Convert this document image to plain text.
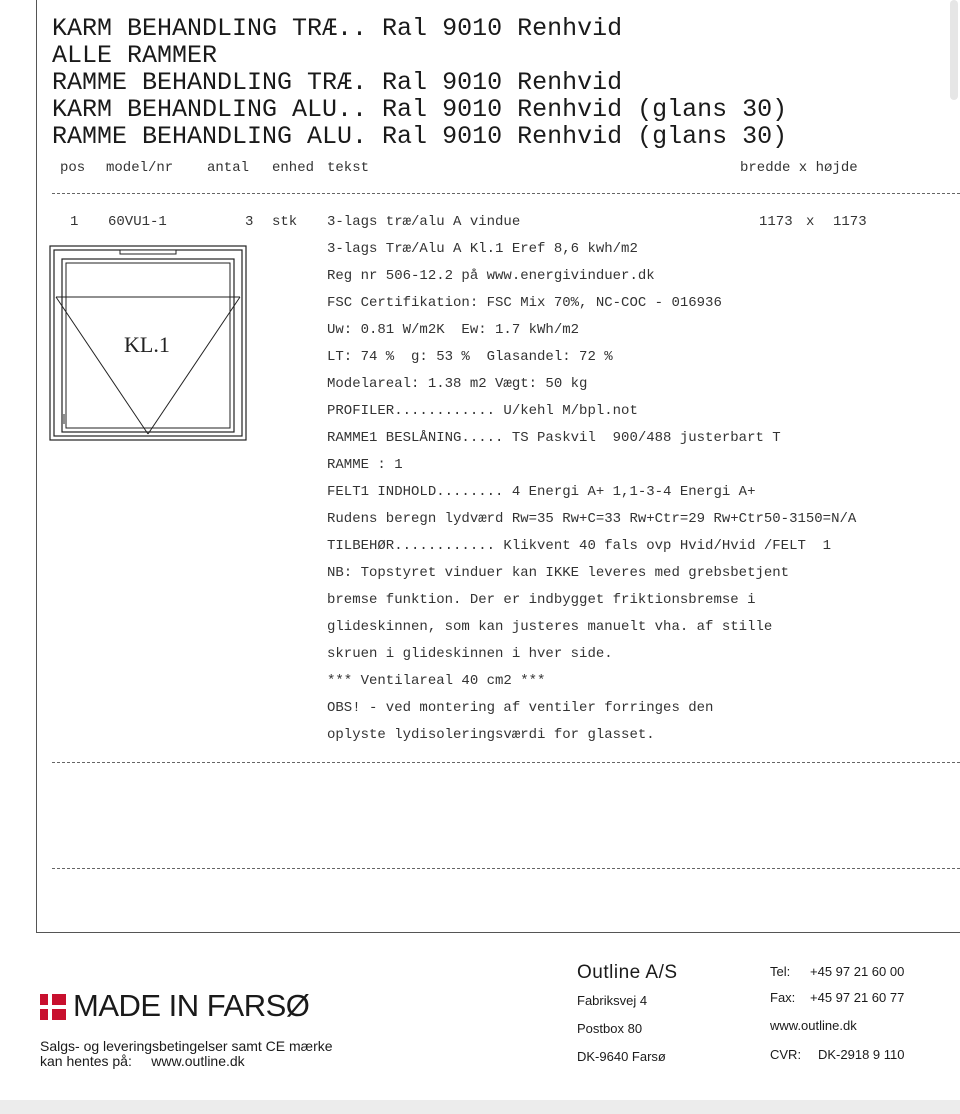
KARM BEHANDLING TRÆ.. Ral 9010 Renhvid
ALLE RAMMER
RAMME BEHANDLING TRÆ. Ral 9010 Renhvid
KARM BEHANDLING ALU.. Ral 9010 Renhvid (glans 30)
RAMME BEHANDLING ALU. Ral 9010 Renhvid (glans 30)
pos model/nr antal enhed tekst	bredde x højde
1 60VU1-1	3 stk 3-lags træ/alu A vindue	1173 x 1173
KL.1
3-lags Træ/Alu A Kl.1 Eref 8,6 kwh/m2
Reg nr 506-12.2 på www.energivinduer.dk
FSC Certifikation: FSC Mix 70%, NC-COC - 016936
Uw: 0.81 W/m2K  Ew: 1.7 kWh/m2
LT: 74 %  g: 53 %  Glasandel: 72 %
Modelareal: 1.38 m2 Vægt: 50 kg
PROFILER............ U/kehl M/bpl.not
RAMME1 BESLÅNING..... TS Paskvil  900/488 justerbart T
RAMME : 1
FELT1 INDHOLD........ 4 Energi A+ 1,1-3-4 Energi A+
Rudens beregn lydværd Rw=35 Rw+C=33 Rw+Ctr=29 Rw+Ctr50-3150=N/A
TILBEHØR............ Klikvent 40 fals ovp Hvid/Hvid /FELT  1
NB: Topstyret vinduer kan IKKE leveres med grebsbetjent
bremse funktion. Der er indbygget friktionsbremse i
glideskinnen, som kan justeres manuelt vha. af stille
skruen i glideskinnen i hver side.
*** Ventilareal 40 cm2 ***
OBS! - ved montering af ventiler forringes den
oplyste lydisoleringsværdi for glasset.
MADE IN FARSØ
Salgs- og leveringsbetingelser samt CE mærke
kan hentes på:     www.outline.dk
Outline A/S
Fabriksvej 4
Postbox 80
DK-9640 Farsø
Tel: +45 97 21 60 00
Fax: +45 97 21 60 77
www.outline.dk
CVR: DK-2918 9 110
